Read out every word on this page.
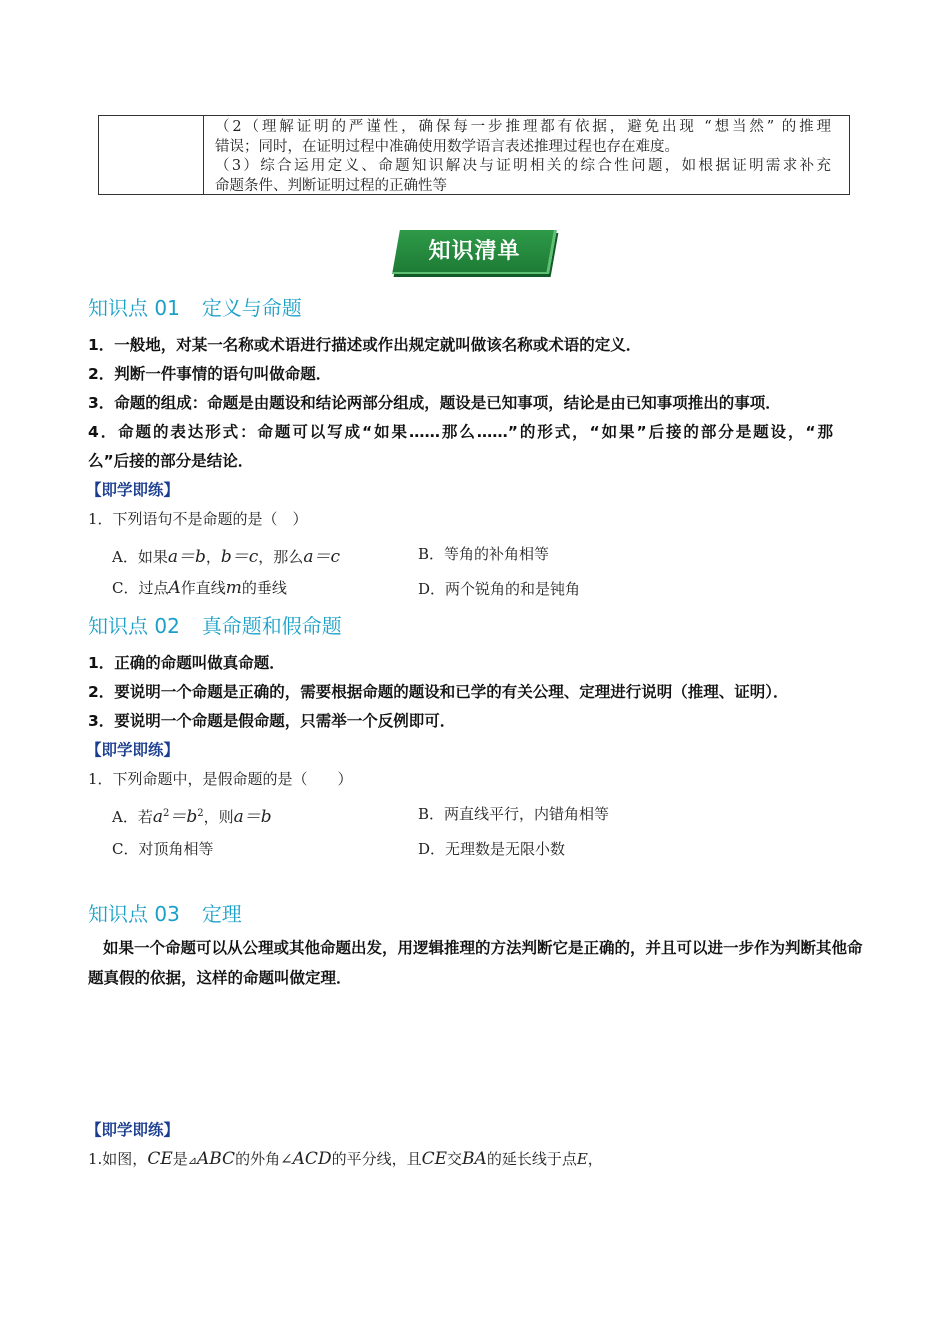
（2（理解证明的严谨性，确保每一步推理都有依据，避免出现 “想当然” 的推理
错误；同时，在证明过程中准确使用数学语言表述推理过程也存在难度。
（3）综合运用定义、命题知识解决与证明相关的综合性问题，如根据证明需求补充
命题条件、判断证明过程的正确性等
知识清单
知识点 01 定义与命题
1．一般地，对某一名称或术语进行描述或作出规定就叫做该名称或术语的定义．
2．判断一件事情的语句叫做命题．
3．命题的组成：命题是由题设和结论两部分组成，题设是已知事项，结论是由已知事项推出的事项．
4．命题的表达形式：命题可以写成“如果……那么……”的形式，“如果”后接的部分是题设，“那
么”后接的部分是结论．
【即学即练】
1．下列语句不是命题的是（　）
A．如果a＝b，b＝c，那么a＝c	B．等角的补角相等
C．过点A作直线m的垂线	D．两个锐角的和是钝角
知识点 02 真命题和假命题
1．正确的命题叫做真命题．
2．要说明一个命题是正确的，需要根据命题的题设和已学的有关公理、定理进行说明（推理、证明）．
3．要说明一个命题是假命题，只需举一个反例即可．
【即学即练】
1．下列命题中，是假命题的是（　　）
A．若$a^2=b^2$，则a＝b	B．两直线平行，内错角相等
C．对顶角相等	D．无理数是无限小数
知识点 03 定理
如果一个命题可以从公理或其他命题出发，用逻辑推理的方法判断它是正确的，并且可以进一步作为判断其他命题真假的依据，这样的命题叫做定理．
【即学即练】
1.如图，CE是⊿ABC的外角∠ACD的平分线，且CE交BA的延长线于点E，
